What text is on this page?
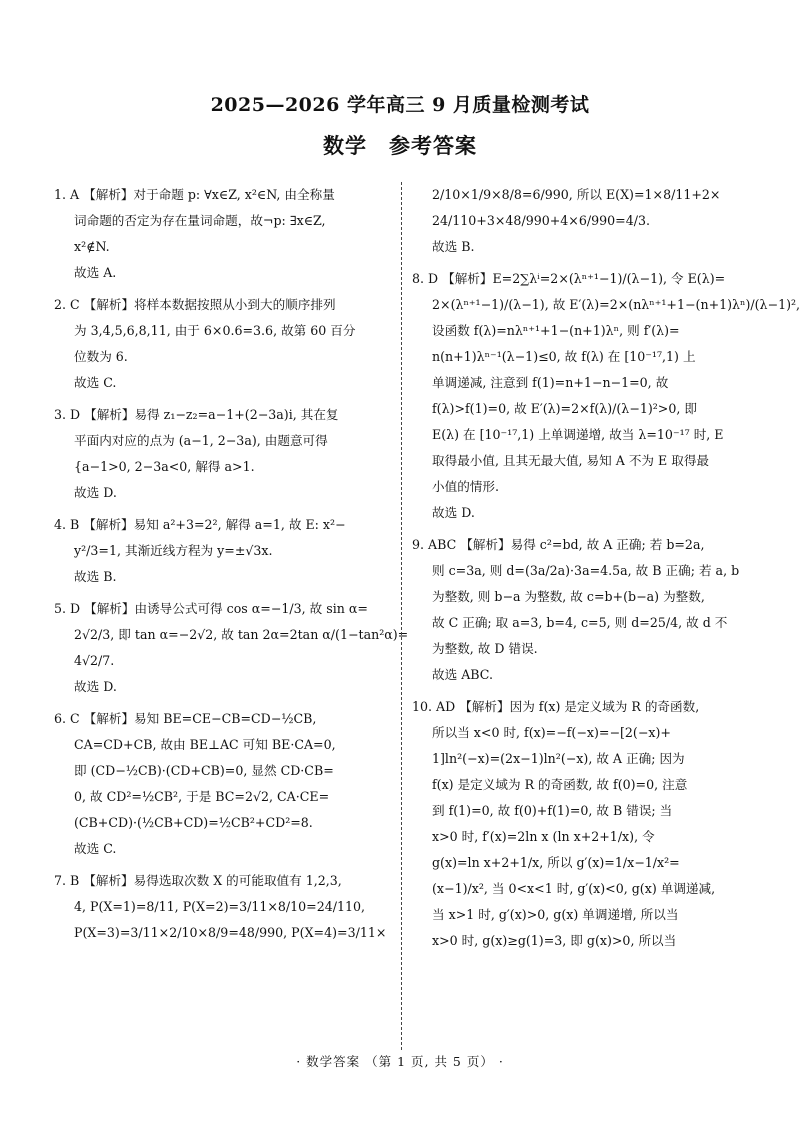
2025—2026 学年高三 9 月质量检测考试
数学　参考答案
1. A 【解析】对于命题 p: ∀x∈Z, x²∈N, 由全称量
词命题的否定为存在量词命题，故¬p: ∃x∈Z,
x²∉N.
故选 A.
2. C 【解析】将样本数据按照从小到大的顺序排列
为 3,4,5,6,8,11, 由于 6×0.6=3.6, 故第 60 百分
位数为 6.
故选 C.
3. D 【解析】易得 z₁−z₂=a−1+(2−3a)i, 其在复
平面内对应的点为 (a−1, 2−3a), 由题意可得
{a−1>0, 2−3a<0, 解得 a>1.
故选 D.
4. B 【解析】易知 a²+3=2², 解得 a=1, 故 E: x²−
y²/3=1, 其渐近线方程为 y=±√3x.
故选 B.
5. D 【解析】由诱导公式可得 cos α=−1/3, 故 sin α=
2√2/3, 即 tan α=−2√2, 故 tan 2α=2tan α/(1−tan²α)=
4√2/7.
故选 D.
6. C 【解析】易知 BE=CE−CB=CD−½CB,
CA=CD+CB, 故由 BE⊥AC 可知 BE·CA=0,
即 (CD−½CB)·(CD+CB)=0, 显然 CD·CB=
0, 故 CD²=½CB², 于是 BC=2√2, CA·CE=
(CB+CD)·(½CB+CD)=½CB²+CD²=8.
故选 C.
7. B 【解析】易得选取次数 X 的可能取值有 1,2,3,
4, P(X=1)=8/11, P(X=2)=3/11×8/10=24/110,
P(X=3)=3/11×2/10×8/9=48/990, P(X=4)=3/11×
2/10×1/9×8/8=6/990, 所以 E(X)=1×8/11+2×
24/110+3×48/990+4×6/990=4/3.
故选 B.
8. D 【解析】E=2∑λⁱ=2×(λⁿ⁺¹−1)/(λ−1), 令 E(λ)=
2×(λⁿ⁺¹−1)/(λ−1), 故 E′(λ)=2×(nλⁿ⁺¹+1−(n+1)λⁿ)/(λ−1)²,
设函数 f(λ)=nλⁿ⁺¹+1−(n+1)λⁿ, 则 f′(λ)=
n(n+1)λⁿ⁻¹(λ−1)≤0, 故 f(λ) 在 [10⁻¹⁷,1) 上
单调递减, 注意到 f(1)=n+1−n−1=0, 故
f(λ)>f(1)=0, 故 E′(λ)=2×f(λ)/(λ−1)²>0, 即
E(λ) 在 [10⁻¹⁷,1) 上单调递增, 故当 λ=10⁻¹⁷ 时, E
取得最小值, 且其无最大值, 易知 A 不为 E 取得最
小值的情形.
故选 D.
9. ABC 【解析】易得 c²=bd, 故 A 正确; 若 b=2a,
则 c=3a, 则 d=(3a/2a)·3a=4.5a, 故 B 正确; 若 a, b
为整数, 则 b−a 为整数, 故 c=b+(b−a) 为整数,
故 C 正确; 取 a=3, b=4, c=5, 则 d=25/4, 故 d 不
为整数, 故 D 错误.
故选 ABC.
10. AD 【解析】因为 f(x) 是定义域为 R 的奇函数,
所以当 x<0 时, f(x)=−f(−x)=−[2(−x)+
1]ln²(−x)=(2x−1)ln²(−x), 故 A 正确; 因为
f(x) 是定义域为 R 的奇函数, 故 f(0)=0, 注意
到 f(1)=0, 故 f(0)+f(1)=0, 故 B 错误; 当
x>0 时, f′(x)=2ln x (ln x+2+1/x), 令
g(x)=ln x+2+1/x, 所以 g′(x)=1/x−1/x²=
(x−1)/x², 当 0<x<1 时, g′(x)<0, g(x) 单调递减,
当 x>1 时, g′(x)>0, g(x) 单调递增, 所以当
x>0 时, g(x)≥g(1)=3, 即 g(x)>0, 所以当
· 数学答案 （第 1 页, 共 5 页） ·
